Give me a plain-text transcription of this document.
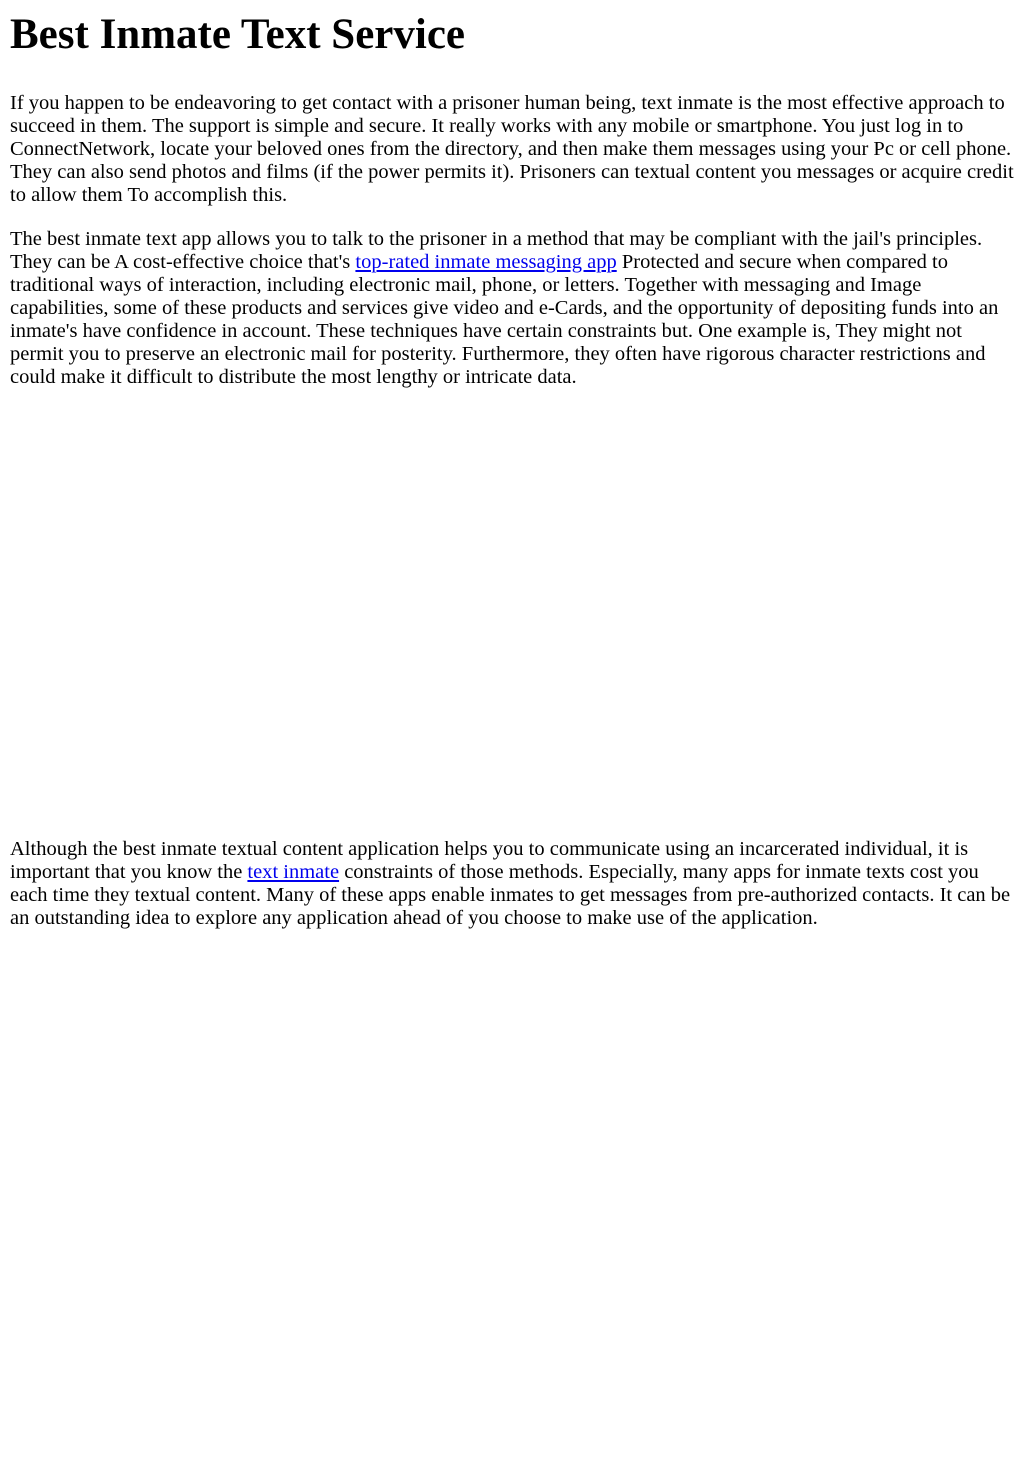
Best Inmate Text Service

If you happen to be endeavoring to get contact with a prisoner human being, text inmate is the most effective approach to succeed in them. The support is simple and secure. It really works with any mobile or smartphone. You just log in to ConnectNetwork, locate your beloved ones from the directory, and then make them messages using your Pc or cell phone. They can also send photos and films (if the power permits it). Prisoners can textual content you messages or acquire credit to allow them To accomplish this.

The best inmate text app allows you to talk to the prisoner in a method that may be compliant with the jail's principles. They can be A cost-effective choice that's top-rated inmate messaging app Protected and secure when compared to traditional ways of interaction, including electronic mail, phone, or letters. Together with messaging and Image capabilities, some of these products and services give video and e-Cards, and the opportunity of depositing funds into an inmate's have confidence in account. These techniques have certain constraints but. One example is, They might not permit you to preserve an electronic mail for posterity. Furthermore, they often have rigorous character restrictions and could make it difficult to distribute the most lengthy or intricate data.

Although the best inmate textual content application helps you to communicate using an incarcerated individual, it is important that you know the text inmate constraints of those methods. Especially, many apps for inmate texts cost you each time they textual content. Many of these apps enable inmates to get messages from pre-authorized contacts. It can be an outstanding idea to explore any application ahead of you choose to make use of the application.
